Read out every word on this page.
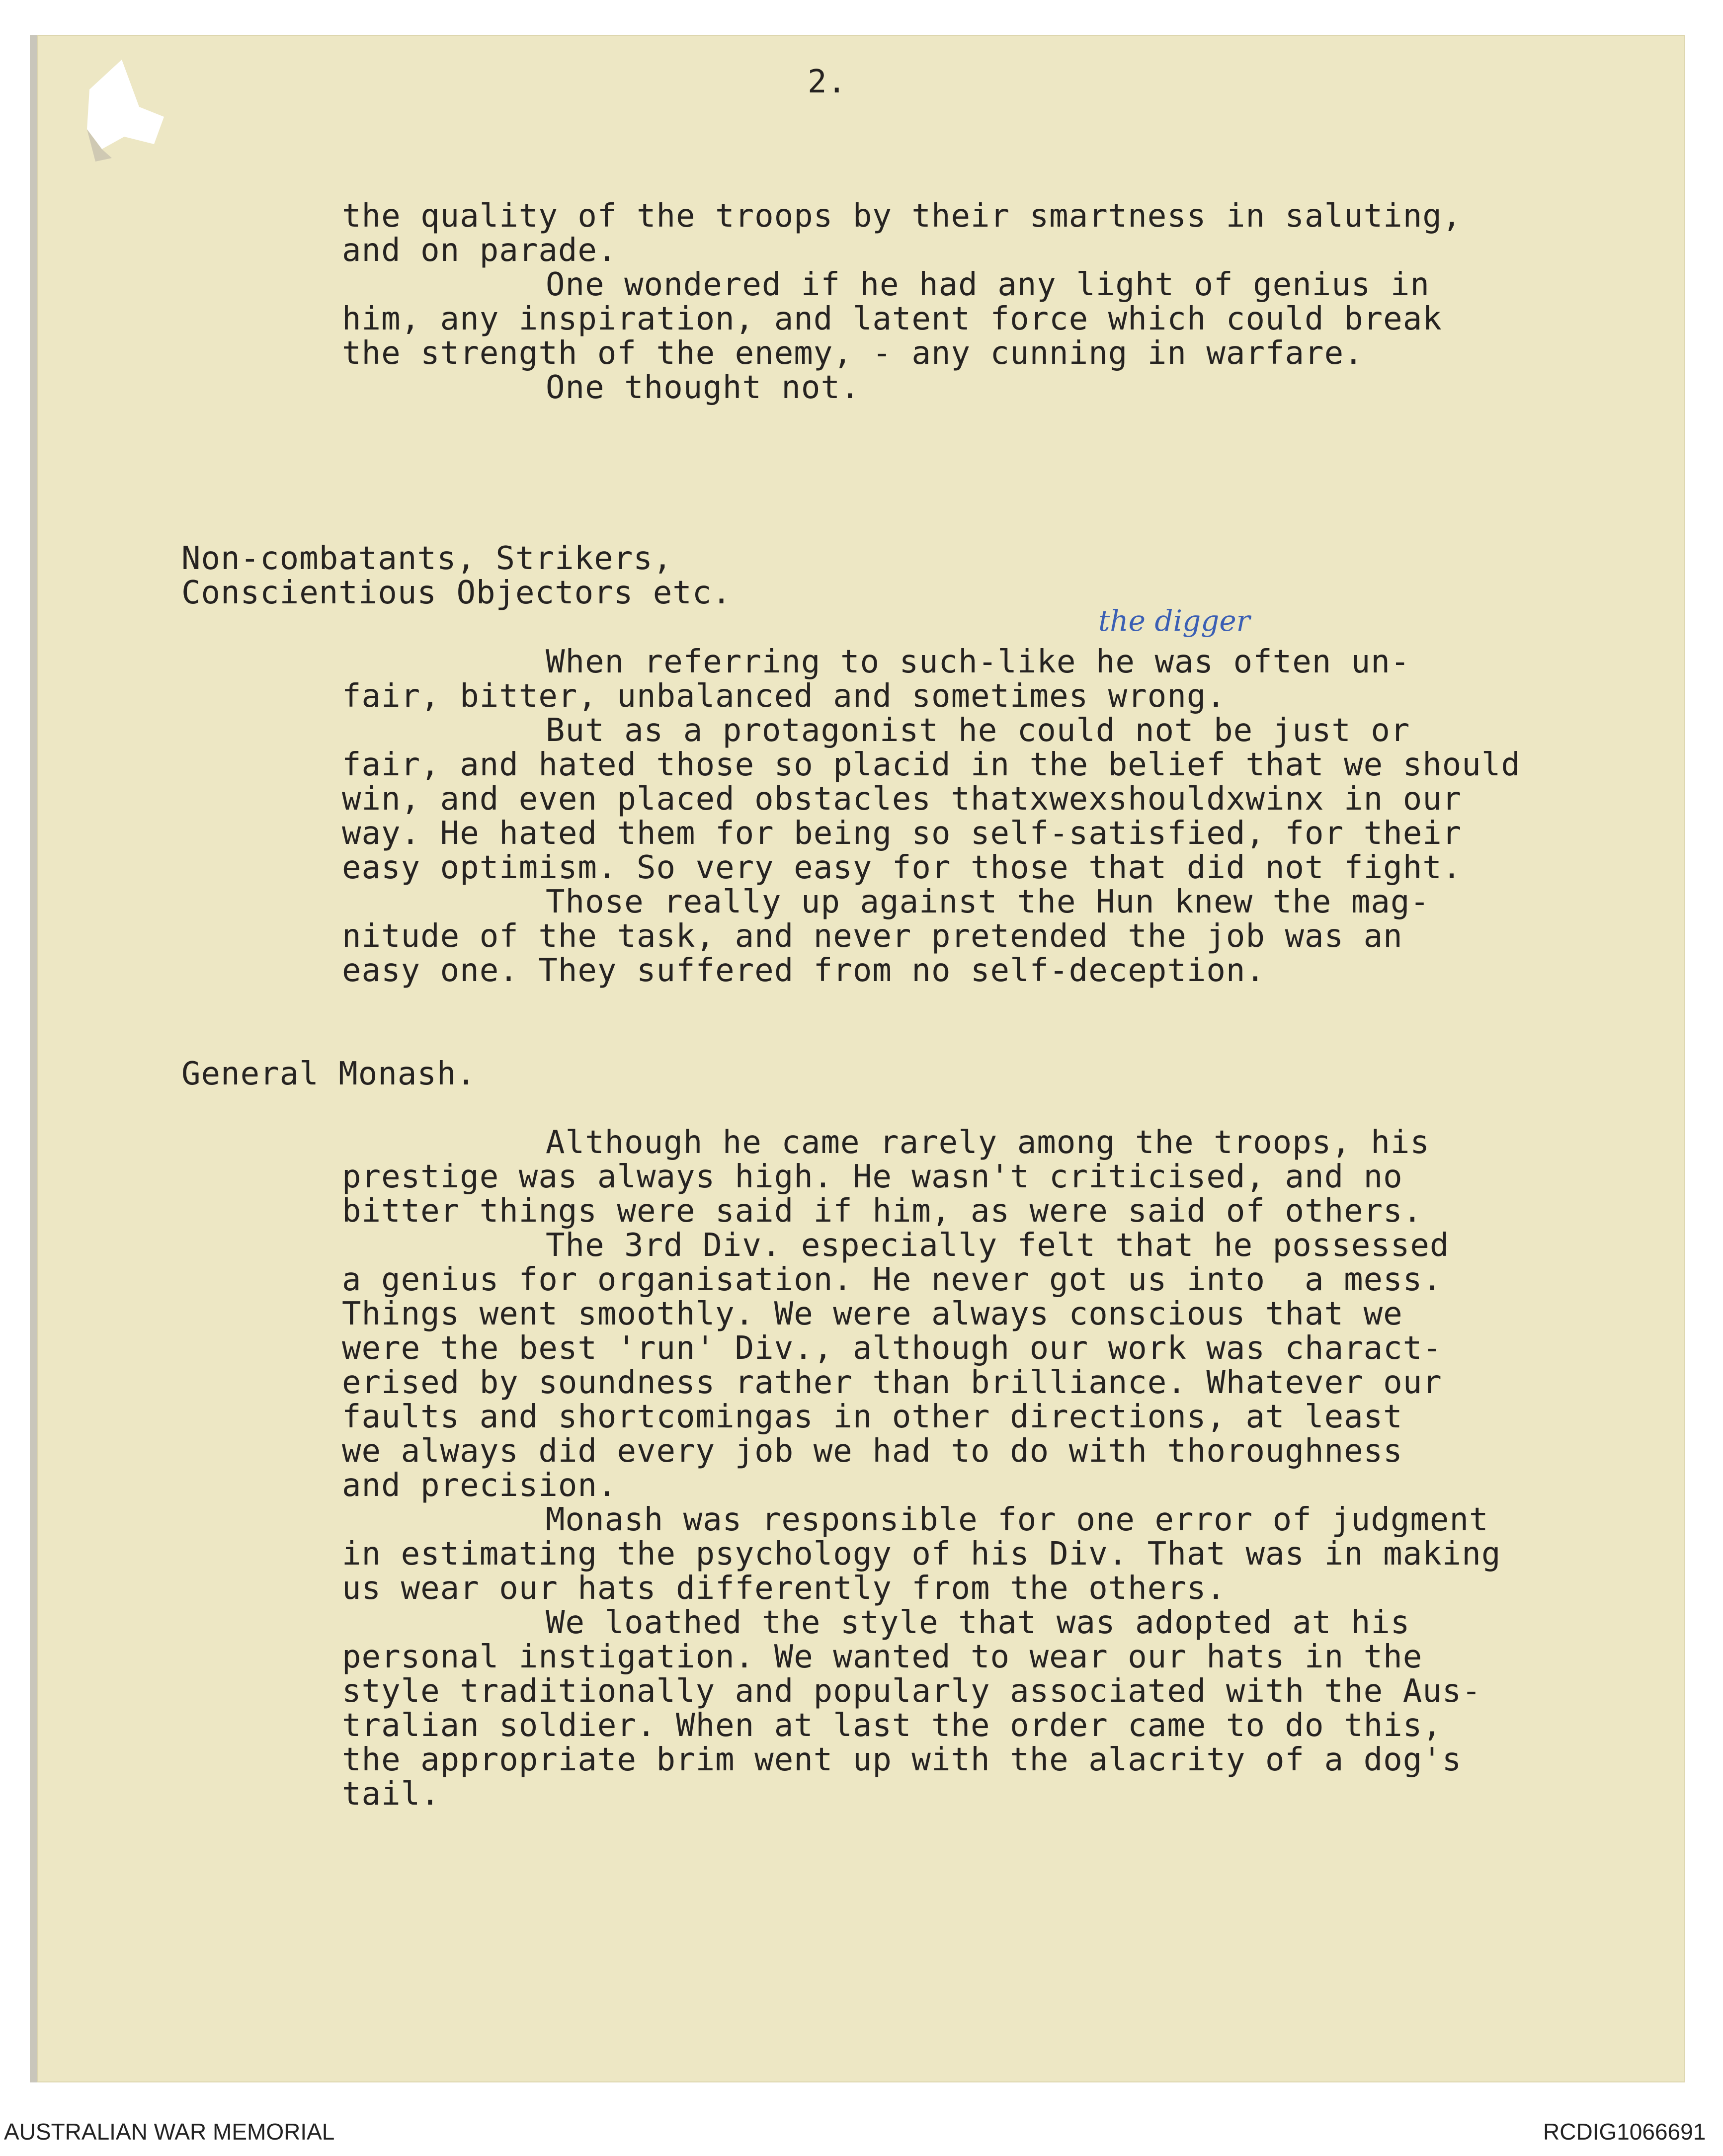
2.
the quality of the troops by their smartness in saluting,
and on parade.
One wondered if he had any light of genius in
him, any inspiration, and latent force which could break
the strength of the enemy, - any cunning in warfare.
One thought not.
Non-combatants, Strikers,
Conscientious Objectors etc.
the digger
When referring to such-like he was often un-
fair, bitter, unbalanced and sometimes wrong.
But as a protagonist he could not be just or
fair, and hated those so placid in the belief that we should
win, and even placed obstacles thatxwexshouldxwinx in our
way. He hated them for being so self-satisfied, for their
easy optimism. So very easy for those that did not fight.
Those really up against the Hun knew the mag-
nitude of the task, and never pretended the job was an
easy one. They suffered from no self-deception.
General Monash.
Although he came rarely among the troops, his
prestige was always high. He wasn't criticised, and no
bitter things were said if him, as were said of others.
The 3rd Div. especially felt that he possessed
a genius for organisation. He never got us into  a mess.
Things went smoothly. We were always conscious that we
were the best 'run' Div., although our work was charact-
erised by soundness rather than brilliance. Whatever our
faults and shortcomingas in other directions, at least
we always did every job we had to do with thoroughness
and precision.
Monash was responsible for one error of judgment
in estimating the psychology of his Div. That was in making
us wear our hats differently from the others.
We loathed the style that was adopted at his
personal instigation. We wanted to wear our hats in the
style traditionally and popularly associated with the Aus-
tralian soldier. When at last the order came to do this,
the appropriate brim went up with the alacrity of a dog's
tail.
AUSTRALIAN WAR MEMORIAL	RCDIG1066691
